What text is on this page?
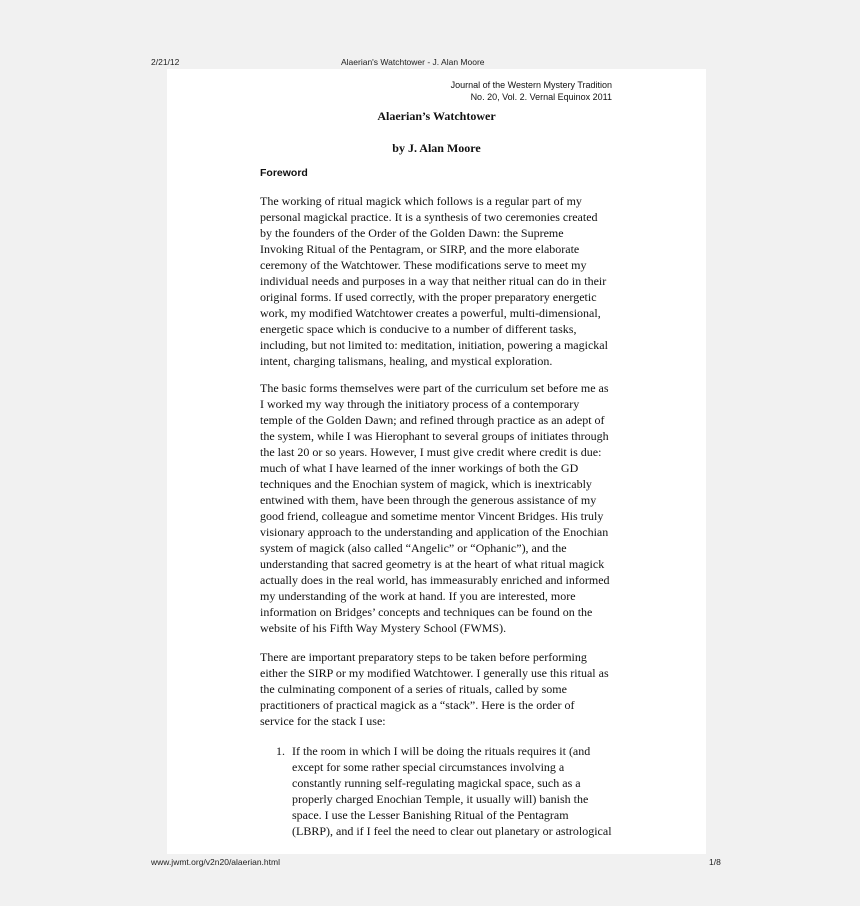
2/21/12	Alaerian's Watchtower - J. Alan Moore
Journal of the Western Mystery Tradition
No. 20, Vol. 2. Vernal Equinox 2011
Alaerian’s Watchtower
by J. Alan Moore
Foreword
The working of ritual magick which follows is a regular part of my
personal magickal practice. It is a synthesis of two ceremonies created
by the founders of the Order of the Golden Dawn: the Supreme
Invoking Ritual of the Pentagram, or SIRP, and the more elaborate
ceremony of the Watchtower. These modifications serve to meet my
individual needs and purposes in a way that neither ritual can do in their
original forms. If used correctly, with the proper preparatory energetic
work, my modified Watchtower creates a powerful, multi-dimensional,
energetic space which is conducive to a number of different tasks,
including, but not limited to: meditation, initiation, powering a magickal
intent, charging talismans, healing, and mystical exploration.
The basic forms themselves were part of the curriculum set before me as
I worked my way through the initiatory process of a contemporary
temple of the Golden Dawn; and refined through practice as an adept of
the system, while I was Hierophant to several groups of initiates through
the last 20 or so years. However, I must give credit where credit is due:
much of what I have learned of the inner workings of both the GD
techniques and the Enochian system of magick, which is inextricably
entwined with them, have been through the generous assistance of my
good friend, colleague and sometime mentor Vincent Bridges. His truly
visionary approach to the understanding and application of the Enochian
system of magick (also called “Angelic” or “Ophanic”), and the
understanding that sacred geometry is at the heart of what ritual magick
actually does in the real world, has immeasurably enriched and informed
my understanding of the work at hand. If you are interested, more
information on Bridges’ concepts and techniques can be found on the
website of his Fifth Way Mystery School (FWMS).
There are important preparatory steps to be taken before performing
either the SIRP or my modified Watchtower. I generally use this ritual as
the culminating component of a series of rituals, called by some
practitioners of practical magick as a “stack”. Here is the order of
service for the stack I use:
1. If the room in which I will be doing the rituals requires it (and
except for some rather special circumstances involving a
constantly running self-regulating magickal space, such as a
properly charged Enochian Temple, it usually will) banish the
space. I use the Lesser Banishing Ritual of the Pentagram
(LBRP), and if I feel the need to clear out planetary or astrological
www.jwmt.org/v2n20/alaerian.html	1/8
